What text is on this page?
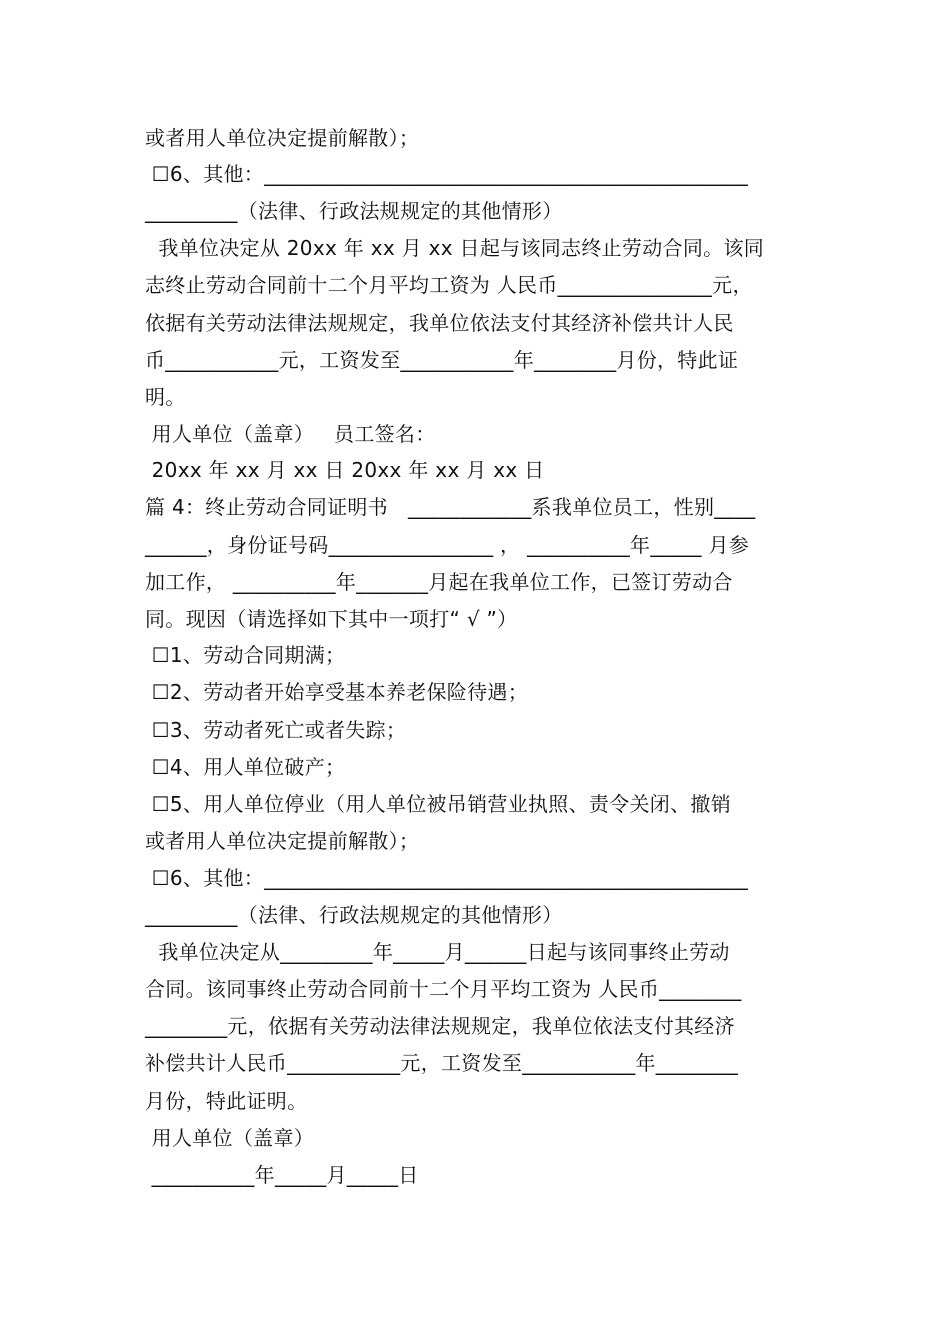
或者用人单位决定提前解散）；
☐6、其他：_______________________________________________
_________（法律、行政法规规定的其他情形）
我单位决定从 20xx 年 xx 月 xx 日起与该同志终止劳动合同。该同
志终止劳动合同前十二个月平均工资为 人民币_______________元，
依据有关劳动法律法规规定，我单位依法支付其经济补偿共计人民
币___________元，工资发至___________年________月份，特此证
明。
用人单位（盖章）   员工签名：
20xx 年 xx 月 xx 日 20xx 年 xx 月 xx 日
篇 4：终止劳动合同证明书   ____________系我单位员工，性别____
______，身份证号码________________ ， __________年_____ 月参
加工作， __________年_______月起在我单位工作，已签订劳动合
同。现因（请选择如下其中一项打“ √ ”）
☐1、劳动合同期满；
☐2、劳动者开始享受基本养老保险待遇；
☐3、劳动者死亡或者失踪；
☐4、用人单位破产；
☐5、用人单位停业（用人单位被吊销营业执照、责令关闭、撤销
或者用人单位决定提前解散）；
☐6、其他：_______________________________________________
_________（法律、行政法规规定的其他情形）
我单位决定从_________年_____月______日起与该同事终止劳动
合同。该同事终止劳动合同前十二个月平均工资为 人民币________
________元，依据有关劳动法律法规规定，我单位依法支付其经济
补偿共计人民币___________元，工资发至___________年________
月份，特此证明。
用人单位（盖章）
__________年_____月_____日
